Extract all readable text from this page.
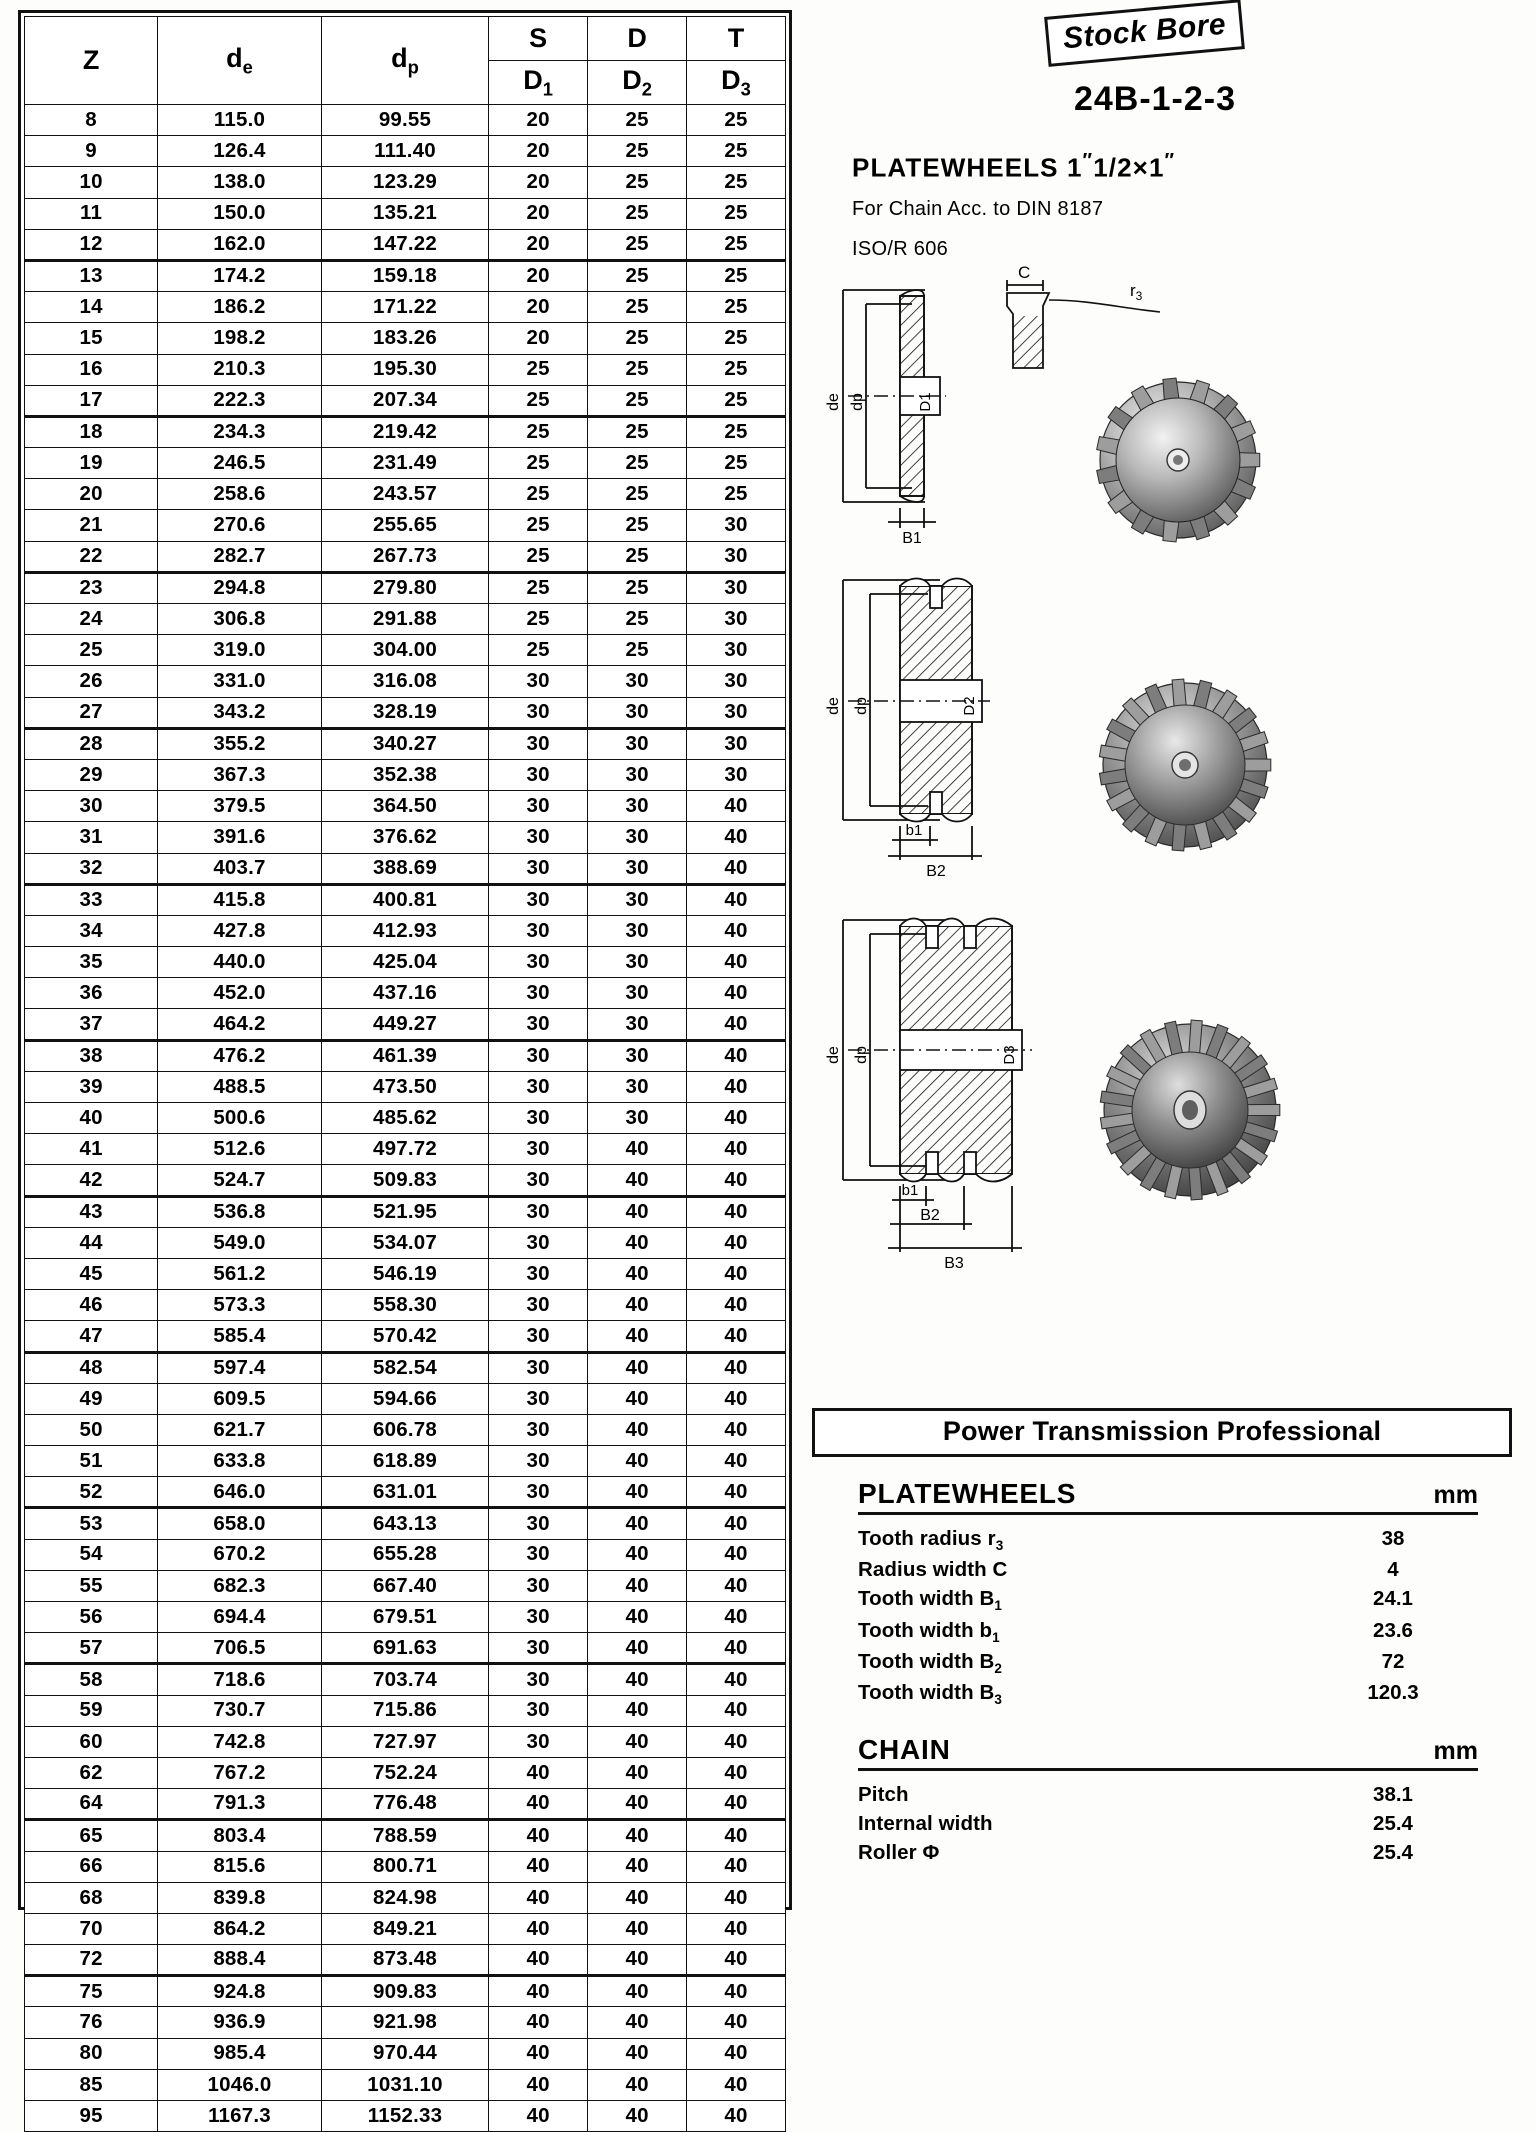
Z	$d_e$	$d_p$	S	D	T
			$D_1$	$D_2$	$D_3$
8	115.0	99.55	20	25	25
9	126.4	111.40	20	25	25
10	138.0	123.29	20	25	25
11	150.0	135.21	20	25	25
12	162.0	147.22	20	25	25
13	174.2	159.18	20	25	25
14	186.2	171.22	20	25	25
15	198.2	183.26	20	25	25
16	210.3	195.30	25	25	25
17	222.3	207.34	25	25	25
18	234.3	219.42	25	25	25
19	246.5	231.49	25	25	25
20	258.6	243.57	25	25	25
21	270.6	255.65	25	25	30
22	282.7	267.73	25	25	30
23	294.8	279.80	25	25	30
24	306.8	291.88	25	25	30
25	319.0	304.00	25	25	30
26	331.0	316.08	30	30	30
27	343.2	328.19	30	30	30
28	355.2	340.27	30	30	30
29	367.3	352.38	30	30	30
30	379.5	364.50	30	30	40
31	391.6	376.62	30	30	40
32	403.7	388.69	30	30	40
33	415.8	400.81	30	30	40
34	427.8	412.93	30	30	40
35	440.0	425.04	30	30	40
36	452.0	437.16	30	30	40
37	464.2	449.27	30	30	40
38	476.2	461.39	30	30	40
39	488.5	473.50	30	30	40
40	500.6	485.62	30	30	40
41	512.6	497.72	30	40	40
42	524.7	509.83	30	40	40
43	536.8	521.95	30	40	40
44	549.0	534.07	30	40	40
45	561.2	546.19	30	40	40
46	573.3	558.30	30	40	40
47	585.4	570.42	30	40	40
48	597.4	582.54	30	40	40
49	609.5	594.66	30	40	40
50	621.7	606.78	30	40	40
51	633.8	618.89	30	40	40
52	646.0	631.01	30	40	40
53	658.0	643.13	30	40	40
54	670.2	655.28	30	40	40
55	682.3	667.40	30	40	40
56	694.4	679.51	30	40	40
57	706.5	691.63	30	40	40
58	718.6	703.74	30	40	40
59	730.7	715.86	30	40	40
60	742.8	727.97	30	40	40
62	767.2	752.24	40	40	40
64	791.3	776.48	40	40	40
65	803.4	788.59	40	40	40
66	815.6	800.71	40	40	40
68	839.8	824.98	40	40	40
70	864.2	849.21	40	40	40
72	888.4	873.48	40	40	40
75	924.8	909.83	40	40	40
76	936.9	921.98	40	40	40
80	985.4	970.44	40	40	40
85	1046.0	1031.10	40	40	40
95	1167.3	1152.33	40	40	40
Stock Bore
24B-1-2-3
PLATEWHEELS 1″1/2×1″
For Chain Acc. to DIN 8187
ISO/R 606
C
$r_3$
de dp	D1
B1
de dp	D2
b1
B2
de dp	D3
b1
B2
B3
Power Transmission Professional
PLATEWHEELS	mm
Tooth radius $r_3$	38
Radius width C	4
Tooth width $B_1$	24.1
Tooth width $b_1$	23.6
Tooth width $B_2$	72
Tooth width $B_3$	120.3
CHAIN	mm
Pitch	38.1
Internal width	25.4
Roller Φ	25.4
